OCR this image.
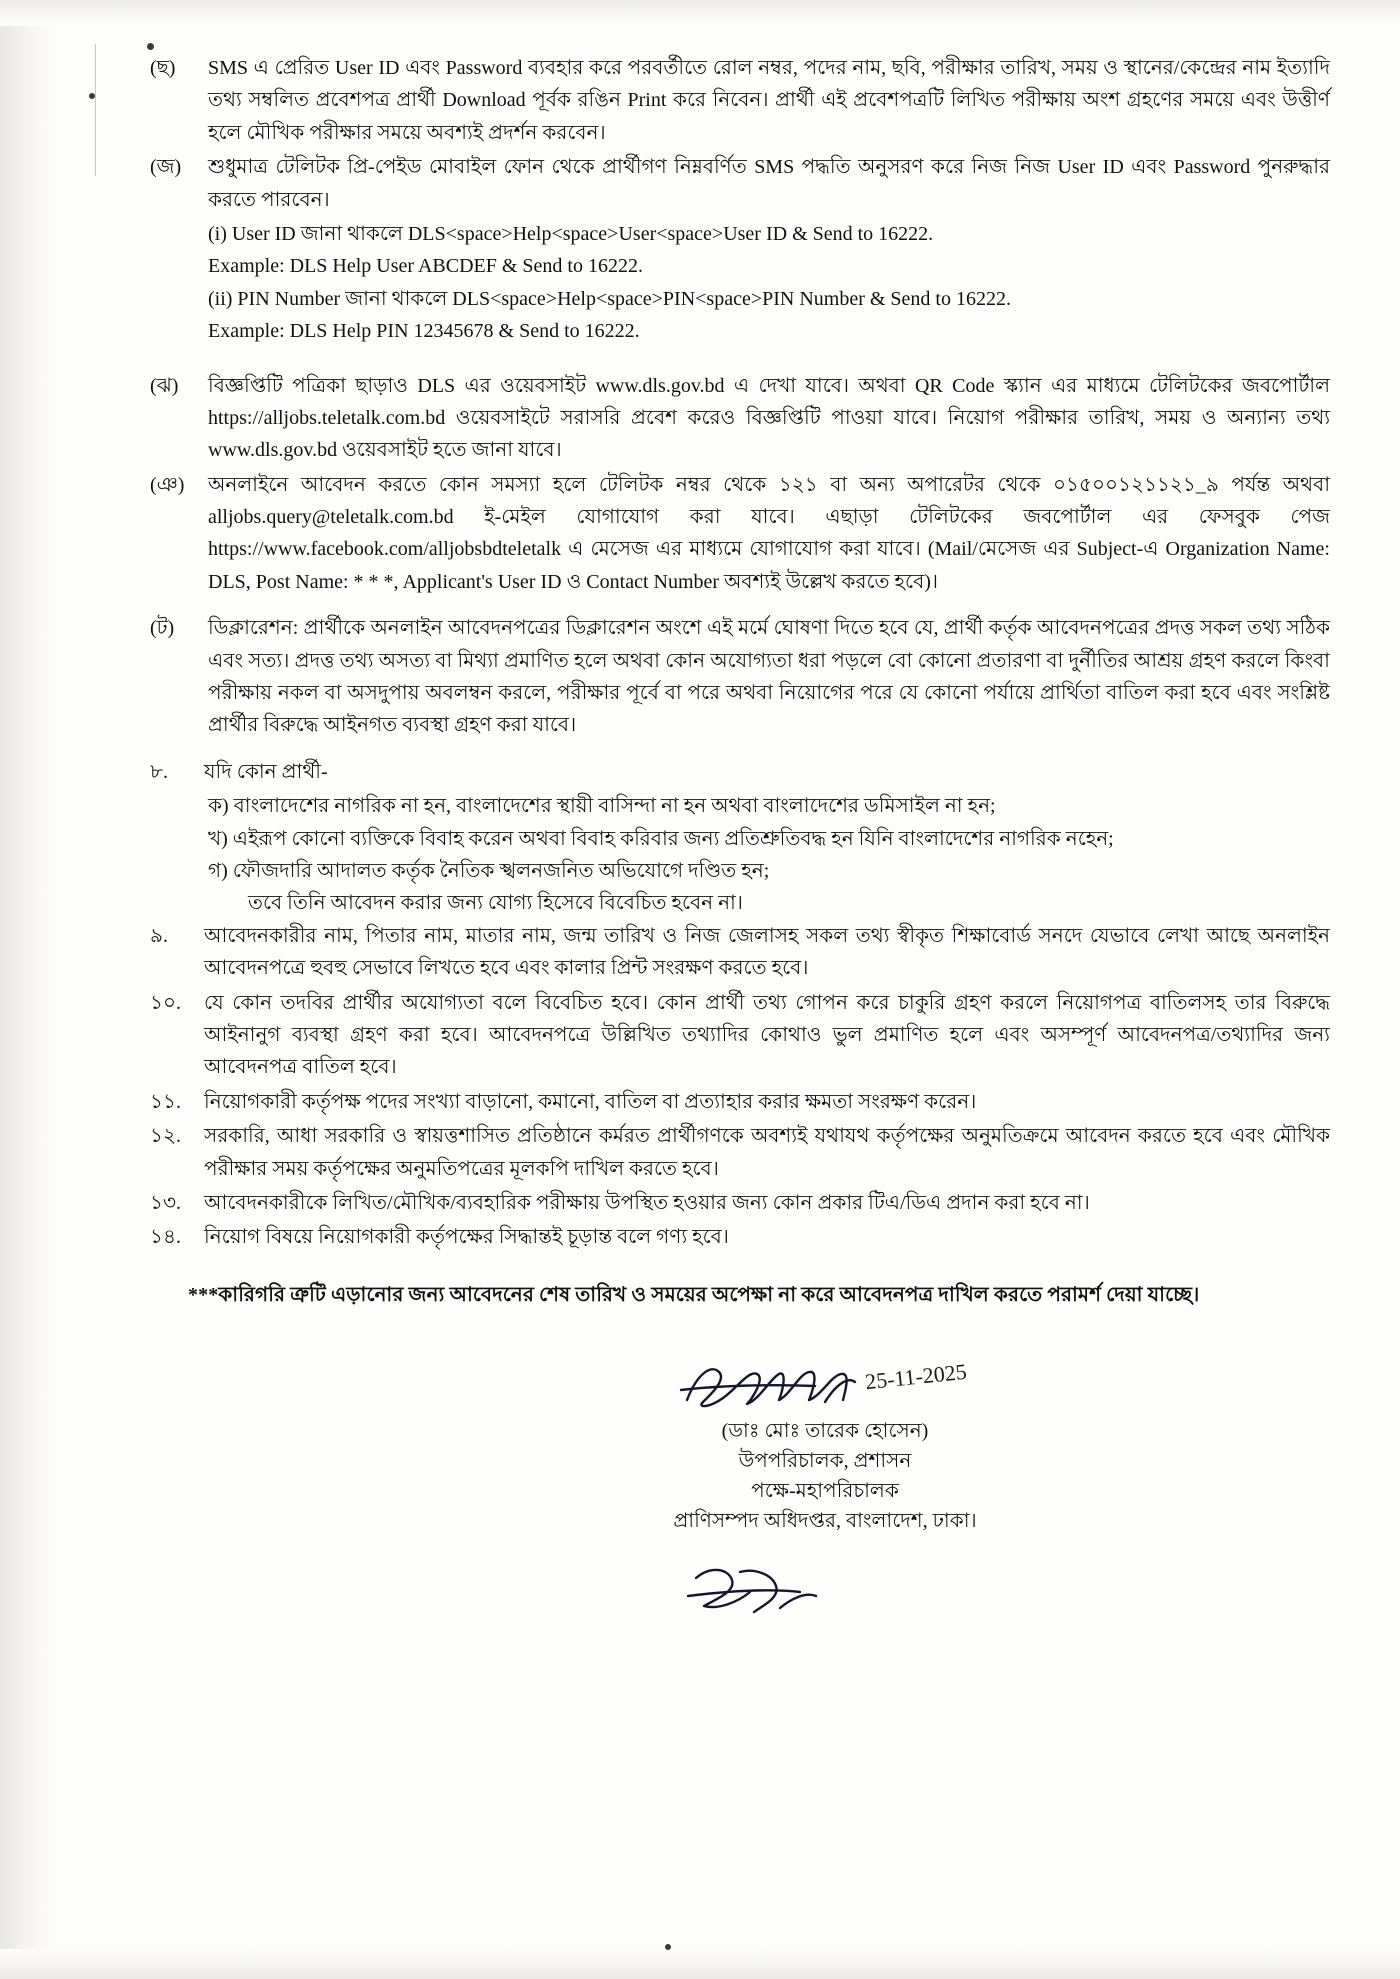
(ছ)	SMS এ প্রেরিত User ID এবং Password ব্যবহার করে পরবর্তীতে রোল নম্বর, পদের নাম, ছবি, পরীক্ষার তারিখ, সময় ও স্থানের/কেন্দ্রের নাম ইত্যাদি তথ্য সম্বলিত প্রবেশপত্র প্রার্থী Download পূর্বক রঙিন Print করে নিবেন। প্রার্থী এই প্রবেশপত্রটি লিখিত পরীক্ষায় অংশ গ্রহণের সময়ে এবং উত্তীর্ণ হলে মৌখিক পরীক্ষার সময়ে অবশ্যই প্রদর্শন করবেন।
(জ)	শুধুমাত্র টেলিটক প্রি-পেইড মোবাইল ফোন থেকে প্রার্থীগণ নিম্নবর্ণিত SMS পদ্ধতি অনুসরণ করে নিজ নিজ User ID এবং Password পুনরুদ্ধার করতে পারবেন।
(i) User ID জানা থাকলে DLS<space>Help<space>User<space>User ID & Send to 16222.
Example: DLS Help User ABCDEF & Send to 16222.
(ii) PIN Number জানা থাকলে DLS<space>Help<space>PIN<space>PIN Number & Send to 16222.
Example: DLS Help PIN 12345678 & Send to 16222.
(ঝ)	বিজ্ঞপ্তিটি পত্রিকা ছাড়াও DLS এর ওয়েবসাইট www.dls.gov.bd এ দেখা যাবে। অথবা QR Code স্ক্যান এর মাধ্যমে টেলিটকের জবপোর্টাল https://alljobs.teletalk.com.bd ওয়েবসাইটে সরাসরি প্রবেশ করেও বিজ্ঞপ্তিটি পাওয়া যাবে। নিয়োগ পরীক্ষার তারিখ, সময় ও অন্যান্য তথ্য www.dls.gov.bd ওয়েবসাইট হতে জানা যাবে।
(ঞ)	অনলাইনে আবেদন করতে কোন সমস্যা হলে টেলিটক নম্বর থেকে ১২১ বা অন্য অপারেটর থেকে ০১৫০০১২১১২১_৯ পর্যন্ত অথবা alljobs.query@teletalk.com.bd ই-মেইল যোগাযোগ করা যাবে। এছাড়া টেলিটকের জবপোর্টাল এর ফেসবুক পেজ https://www.facebook.com/alljobsbdteletalk এ মেসেজ এর মাধ্যমে যোগাযোগ করা যাবে। (Mail/মেসেজ এর Subject-এ Organization Name: DLS, Post Name: * * *, Applicant's User ID ও Contact Number অবশ্যই উল্লেখ করতে হবে)।
(ট)	ডিক্লারেশন: প্রার্থীকে অনলাইন আবেদনপত্রের ডিক্লারেশন অংশে এই মর্মে ঘোষণা দিতে হবে যে, প্রার্থী কর্তৃক আবেদনপত্রের প্রদত্ত সকল তথ্য সঠিক এবং সত্য। প্রদত্ত তথ্য অসত্য বা মিথ্যা প্রমাণিত হলে অথবা কোন অযোগ্যতা ধরা পড়লে বো কোনো প্রতারণা বা দুর্নীতির আশ্রয় গ্রহণ করলে কিংবা পরীক্ষায় নকল বা অসদুপায় অবলম্বন করলে, পরীক্ষার পূর্বে বা পরে অথবা নিয়োগের পরে যে কোনো পর্যায়ে প্রার্থিতা বাতিল করা হবে এবং সংশ্লিষ্ট প্রার্থীর বিরুদ্ধে আইনগত ব্যবস্থা গ্রহণ করা যাবে।
৮.	যদি কোন প্রার্থী-
ক) বাংলাদেশের নাগরিক না হন, বাংলাদেশের স্থায়ী বাসিন্দা না হন অথবা বাংলাদেশের ডমিসাইল না হন;
খ) এইরূপ কোনো ব্যক্তিকে বিবাহ করেন অথবা বিবাহ করিবার জন্য প্রতিশ্রুতিবদ্ধ হন যিনি বাংলাদেশের নাগরিক নহেন;
গ) ফৌজদারি আদালত কর্তৃক নৈতিক স্খলনজনিত অভিযোগে দণ্ডিত হন;
তবে তিনি আবেদন করার জন্য যোগ্য হিসেবে বিবেচিত হবেন না।
৯.	আবেদনকারীর নাম, পিতার নাম, মাতার নাম, জন্ম তারিখ ও নিজ জেলাসহ সকল তথ্য স্বীকৃত শিক্ষাবোর্ড সনদে যেভাবে লেখা আছে অনলাইন আবেদনপত্রে হুবহু সেভাবে লিখতে হবে এবং কালার প্রিন্ট সংরক্ষণ করতে হবে।
১০.	যে কোন তদবির প্রার্থীর অযোগ্যতা বলে বিবেচিত হবে। কোন প্রার্থী তথ্য গোপন করে চাকুরি গ্রহণ করলে নিয়োগপত্র বাতিলসহ তার বিরুদ্ধে আইনানুগ ব্যবস্থা গ্রহণ করা হবে। আবেদনপত্রে উল্লিখিত তথ্যাদির কোথাও ভুল প্রমাণিত হলে এবং অসম্পূর্ণ আবেদনপত্র/তথ্যাদির জন্য আবেদনপত্র বাতিল হবে।
১১.	নিয়োগকারী কর্তৃপক্ষ পদের সংখ্যা বাড়ানো, কমানো, বাতিল বা প্রত্যাহার করার ক্ষমতা সংরক্ষণ করেন।
১২.	সরকারি, আধা সরকারি ও স্বায়ত্তশাসিত প্রতিষ্ঠানে কর্মরত প্রার্থীগণকে অবশ্যই যথাযথ কর্তৃপক্ষের অনুমতিক্রমে আবেদন করতে হবে এবং মৌখিক পরীক্ষার সময় কর্তৃপক্ষের অনুমতিপত্রের মূলকপি দাখিল করতে হবে।
১৩.	আবেদনকারীকে লিখিত/মৌখিক/ব্যবহারিক পরীক্ষায় উপস্থিত হওয়ার জন্য কোন প্রকার টিএ/ডিএ প্রদান করা হবে না।
১৪.	নিয়োগ বিষয়ে নিয়োগকারী কর্তৃপক্ষের সিদ্ধান্তই চূড়ান্ত বলে গণ্য হবে।
***কারিগরি ত্রুটি এড়ানোর জন্য আবেদনের শেষ তারিখ ও সময়ের অপেক্ষা না করে আবেদনপত্র দাখিল করতে পরামর্শ দেয়া যাচ্ছে।
25-11-2025
(ডাঃ মোঃ তারেক হোসেন)
উপপরিচালক, প্রশাসন
পক্ষে-মহাপরিচালক
প্রাণিসম্পদ অধিদপ্তর, বাংলাদেশ, ঢাকা।
